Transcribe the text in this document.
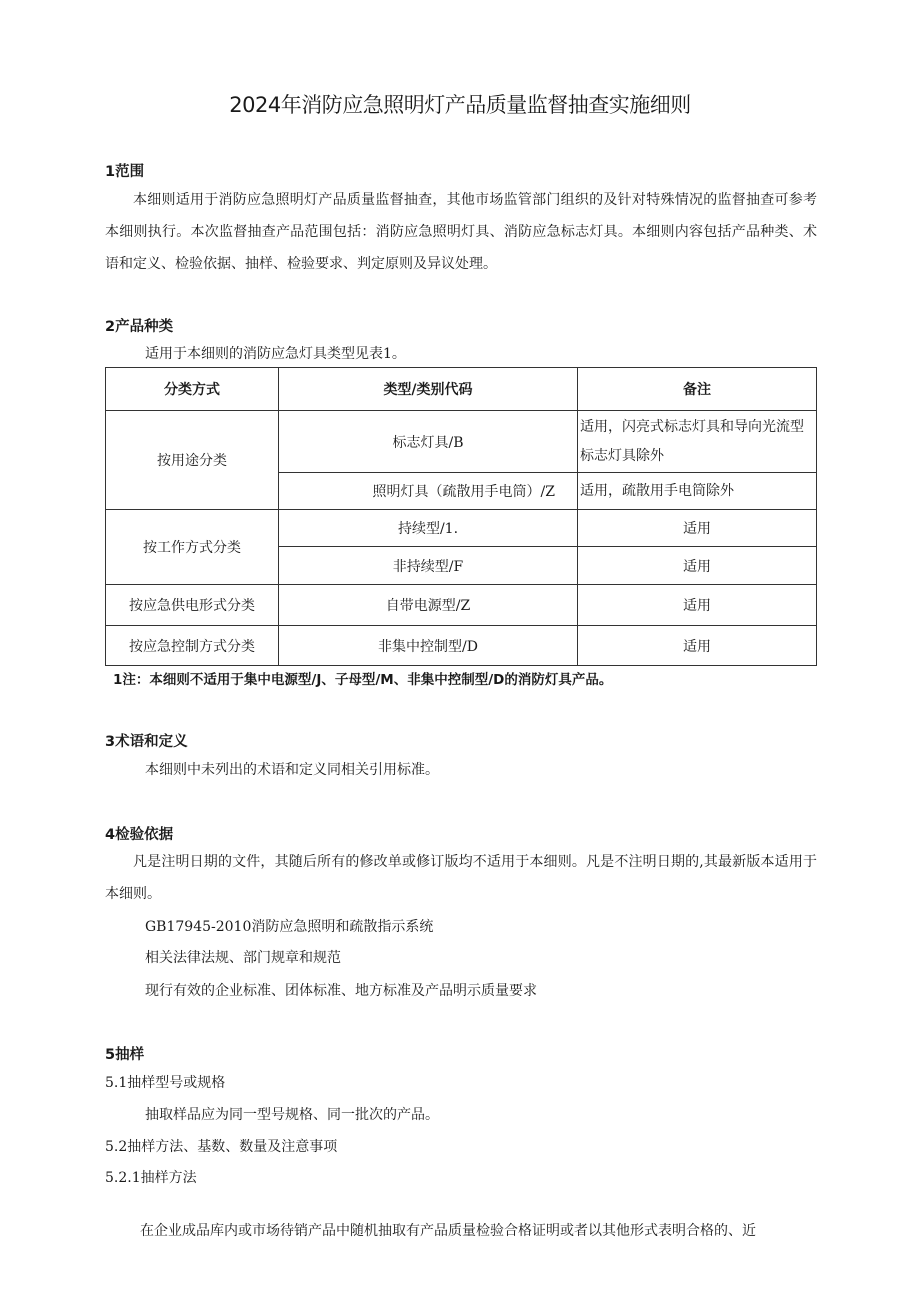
2024年消防应急照明灯产品质量监督抽查实施细则
1范围

本细则适用于消防应急照明灯产品质量监督抽查，其他市场监管部门组织的及针对特殊情况的监督抽查可参考本细则执行。本次监督抽查产品范围包括：消防应急照明灯具、消防应急标志灯具。本细则内容包括产品种类、术语和定义、检验依据、抽样、检验要求、判定原则及异议处理。

2产品种类

适用于本细则的消防应急灯具类型见表1。

分类方式	类型/类别代码	备注
按用途分类	标志灯具/B	适用，闪亮式标志灯具和导向光流型标志灯具除外
	照明灯具（疏散用手电筒）/Z	适用，疏散用手电筒除外
按工作方式分类	持续型/1.	适用
	非持续型/F	适用
按应急供电形式分类	自带电源型/Z	适用
按应急控制方式分类	非集中控制型/D	适用

1注：本细则不适用于集中电源型/J、子母型/M、非集中控制型/D的消防灯具产品。

3术语和定义

本细则中未列出的术语和定义同相关引用标准。

4检验依据

凡是注明日期的文件，其随后所有的修改单或修订版均不适用于本细则。凡是不注明日期的,其最新版本适用于本细则。

GB17945-2010消防应急照明和疏散指示系统

相关法律法规、部门规章和规范

现行有效的企业标准、团体标准、地方标准及产品明示质量要求

5抽样

5.1抽样型号或规格

抽取样品应为同一型号规格、同一批次的产品。

5.2抽样方法、基数、数量及注意事项

5.2.1抽样方法

在企业成品库内或市场待销产品中随机抽取有产品质量检验合格证明或者以其他形式表明合格的、近
